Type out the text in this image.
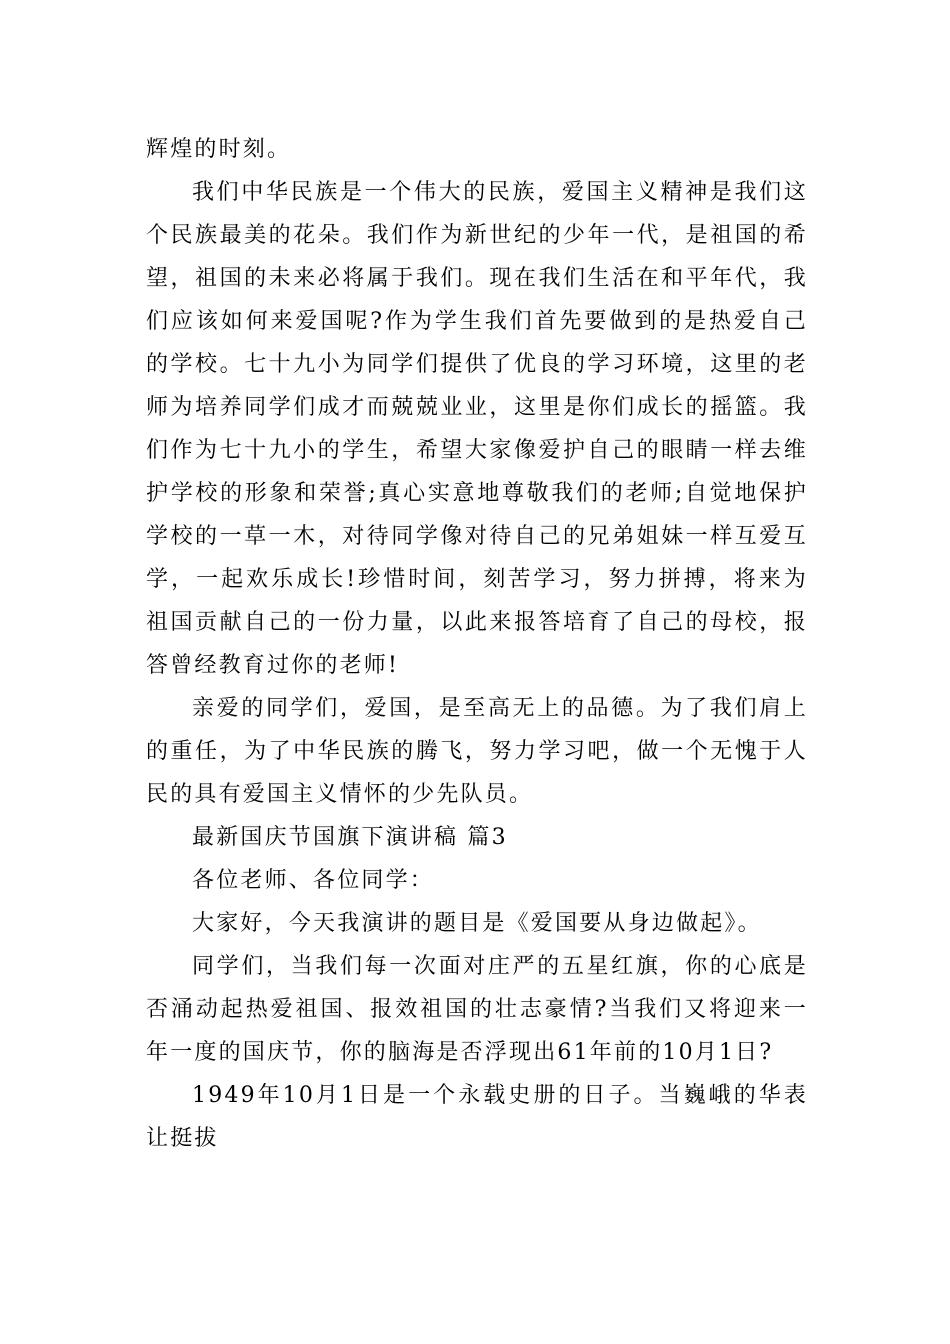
辉煌的时刻。

我们中华民族是一个伟大的民族，爱国主义精神是我们这个民族最美的花朵。我们作为新世纪的少年一代，是祖国的希望，祖国的未来必将属于我们。现在我们生活在和平年代，我们应该如何来爱国呢?作为学生我们首先要做到的是热爱自己的学校。七十九小为同学们提供了优良的学习环境，这里的老师为培养同学们成才而兢兢业业，这里是你们成长的摇篮。我们作为七十九小的学生，希望大家像爱护自己的眼睛一样去维护学校的形象和荣誉;真心实意地尊敬我们的老师;自觉地保护学校的一草一木，对待同学像对待自己的兄弟姐妹一样互爱互学，一起欢乐成长!珍惜时间，刻苦学习，努力拼搏，将来为祖国贡献自己的一份力量，以此来报答培育了自己的母校，报答曾经教育过你的老师!

亲爱的同学们，爱国，是至高无上的品德。为了我们肩上的重任，为了中华民族的腾飞，努力学习吧，做一个无愧于人民的具有爱国主义情怀的少先队员。

最新国庆节国旗下演讲稿 篇3

各位老师、各位同学：

大家好，今天我演讲的题目是《爱国要从身边做起》。

同学们，当我们每一次面对庄严的五星红旗，你的心底是否涌动起热爱祖国、报效祖国的壮志豪情?当我们又将迎来一年一度的国庆节，你的脑海是否浮现出61年前的10月1日?

1949年10月1日是一个永载史册的日子。当巍峨的华表让挺拔
